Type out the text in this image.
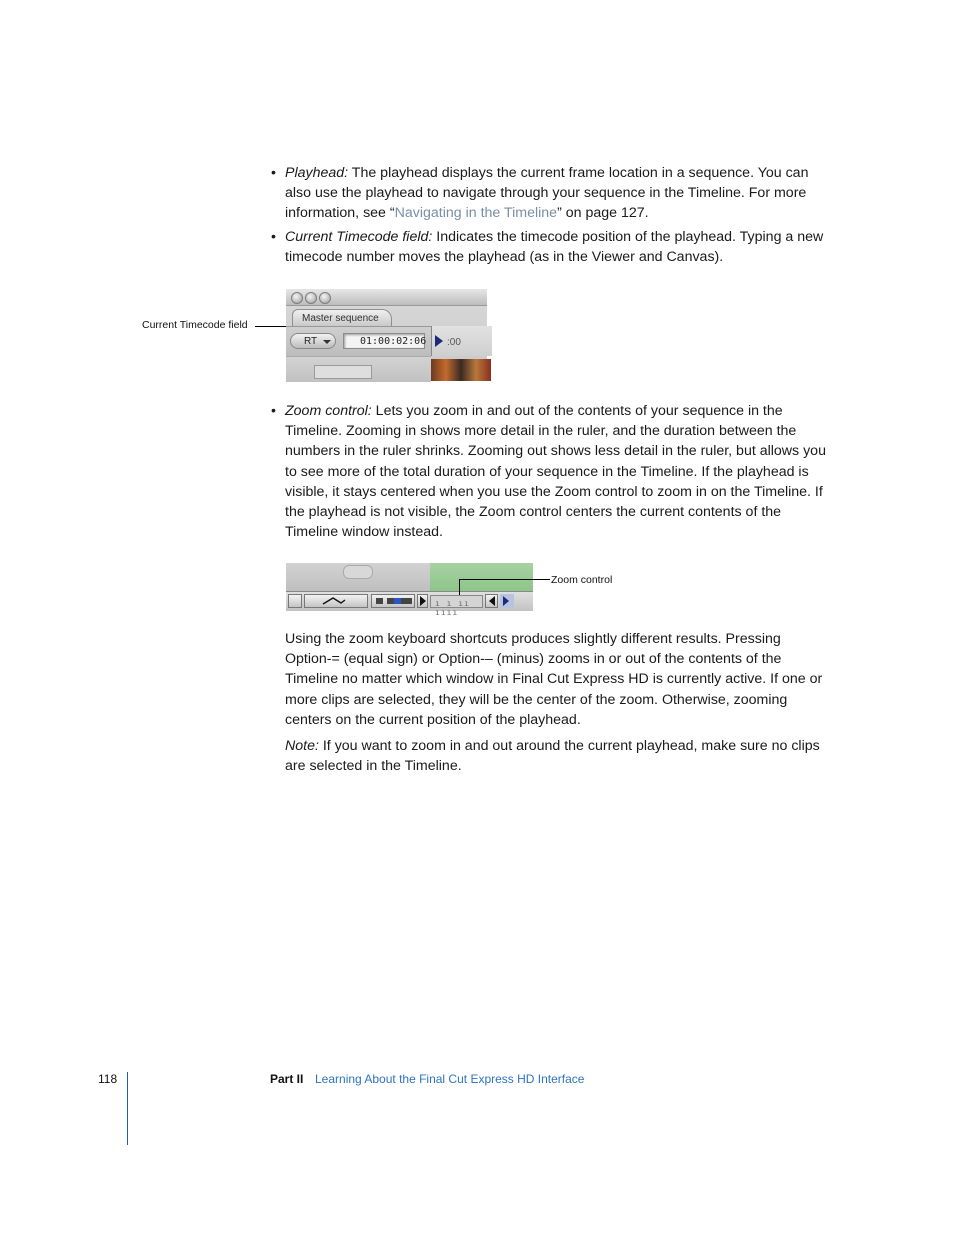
• Playhead: The playhead displays the current frame location in a sequence. You can also use the playhead to navigate through your sequence in the Timeline. For more information, see “Navigating in the Timeline” on page 127.
• Current Timecode field: Indicates the timecode position of the playhead. Typing a new timecode number moves the playhead (as in the Viewer and Canvas).
Current Timecode field
Master sequence
RT	01:00:02:06 :00
• Zoom control: Lets you zoom in and out of the contents of your sequence in the Timeline. Zooming in shows more detail in the ruler, and the duration between the numbers in the ruler shrinks. Zooming out shows less detail in the ruler, but allows you to see more of the total duration of your sequence in the Timeline. If the playhead is visible, it stays centered when you use the Zoom control to zoom in on the Timeline. If the playhead is not visible, the Zoom control centers the current contents of the Timeline window instead.
ı ı ıı ıııı
Zoom control
Using the zoom keyboard shortcuts produces slightly different results. Pressing Option-= (equal sign) or Option-– (minus) zooms in or out of the contents of the Timeline no matter which window in Final Cut Express HD is currently active. If one or more clips are selected, they will be the center of the zoom. Otherwise, zooming centers on the current position of the playhead.
Note: If you want to zoom in and out around the current playhead, make sure no clips are selected in the Timeline.
118	Part II Learning About the Final Cut Express HD Interface
